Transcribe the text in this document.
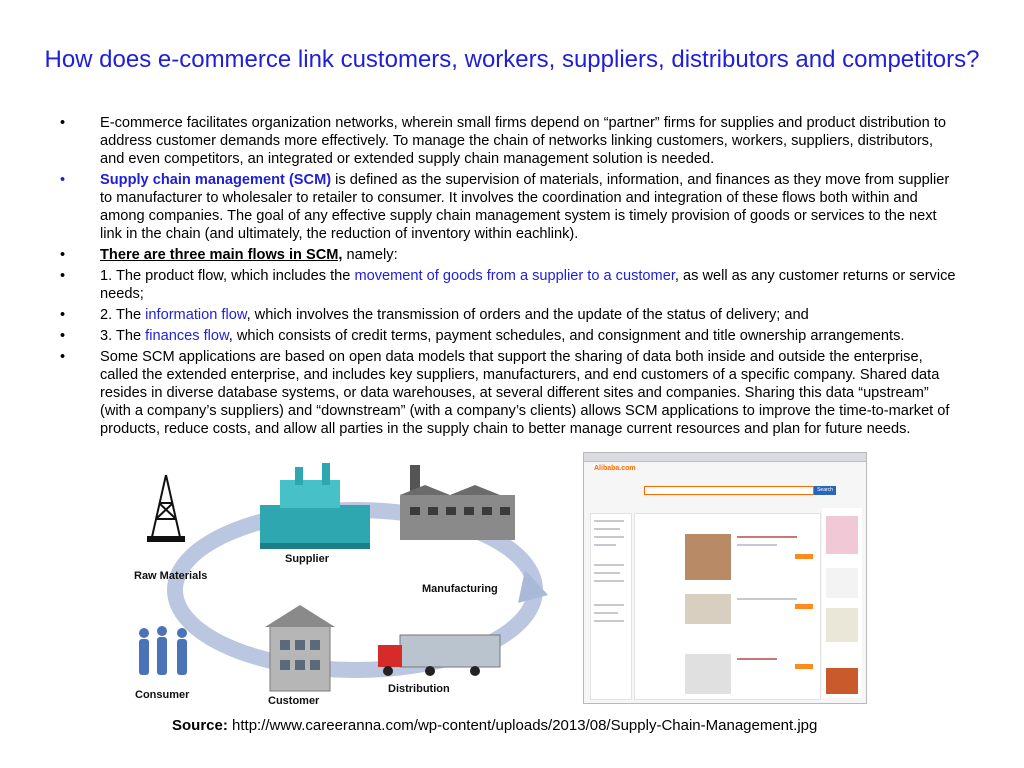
How does e-commerce link customers, workers, suppliers, distributors and competitors?
• E-commerce facilitates organization networks, wherein small firms depend on “partner” firms for supplies and product distribution to address customer demands more effectively. To manage the chain of networks linking customers, workers, suppliers, distributors, and even competitors, an integrated or extended supply chain management solution is needed.
• Supply chain management (SCM) is defined as the supervision of materials, information, and finances as they move from supplier to manufacturer to wholesaler to retailer to consumer. It involves the coordination and integration of these flows both within and among companies. The goal of any effective supply chain management system is timely provision of goods or services to the next link in the chain (and ultimately, the reduction of inventory within eachlink).
• There are three main flows in SCM, namely:
• 1. The product flow, which includes the movement of goods from a supplier to a customer, as well as any customer returns or service needs;
• 2. The information flow, which involves the transmission of orders and the update of the status of delivery; and
• 3. The finances flow, which consists of credit terms, payment schedules, and consignment and title ownership arrangements.
• Some SCM applications are based on open data models that support the sharing of data both inside and outside the enterprise, called the extended enterprise, and includes key suppliers, manufacturers, and end customers of a specific company. Shared data resides in diverse database systems, or data warehouses, at several different sites and companies. Sharing this data “upstream” (with a company’s suppliers) and “downstream” (with a company’s clients) allows SCM applications to improve the time-to-market of products, reduce costs, and allow all parties in the supply chain to better manage current resources and plan for future needs.
Raw Materials
Supplier
Manufacturing
Distribution
Customer
Consumer
Alibaba.com
Search
Source: http://www.careeranna.com/wp-content/uploads/2013/08/Supply-Chain-Management.jpg
